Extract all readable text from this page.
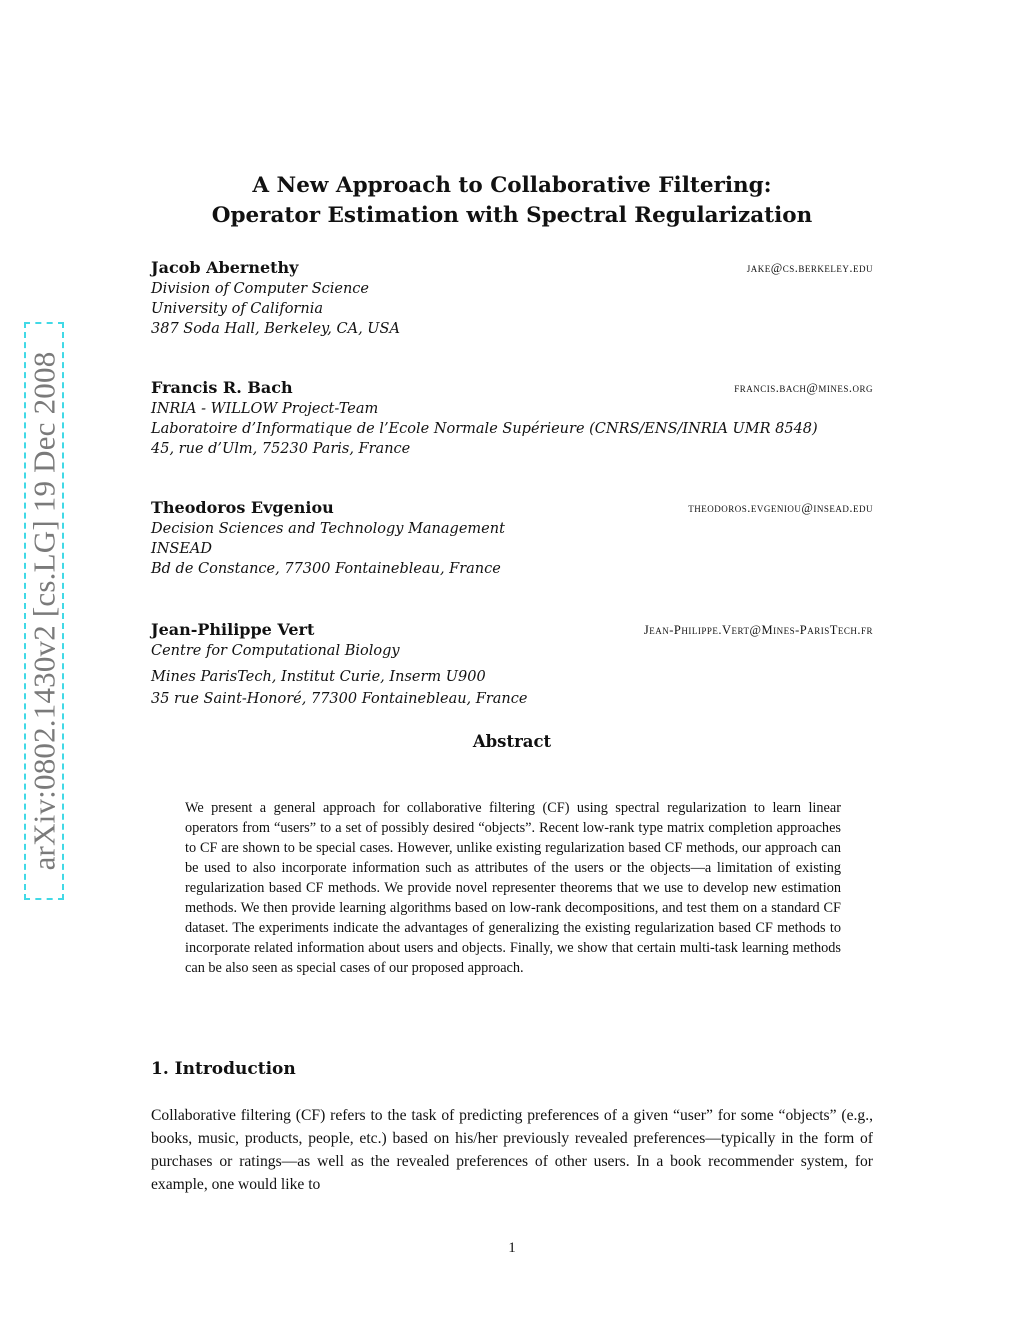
arXiv:0802.1430v2 [cs.LG] 19 Dec 2008
A New Approach to Collaborative Filtering:
Operator Estimation with Spectral Regularization
Jacob Abernethy	jake@cs.berkeley.edu
Division of Computer Science
University of California
387 Soda Hall, Berkeley, CA, USA
Francis R. Bach	francis.bach@mines.org
INRIA - WILLOW Project-Team
Laboratoire d’Informatique de l’Ecole Normale Supérieure (CNRS/ENS/INRIA UMR 8548)
45, rue d’Ulm, 75230 Paris, France
Theodoros Evgeniou	theodoros.evgeniou@insead.edu
Decision Sciences and Technology Management
INSEAD
Bd de Constance, 77300 Fontainebleau, France
Jean-Philippe Vert	Jean-Philippe.Vert@Mines-ParisTech.fr
Centre for Computational Biology
Mines ParisTech, Institut Curie, Inserm U900
35 rue Saint-Honoré, 77300 Fontainebleau, France
Abstract
We present a general approach for collaborative filtering (CF) using spectral regularization to learn linear operators from “users” to a set of possibly desired “objects”. Recent low-rank type matrix completion approaches to CF are shown to be special cases. However, unlike existing regularization based CF methods, our approach can be used to also incorporate information such as attributes of the users or the objects—a limitation of existing regularization based CF methods. We provide novel representer theorems that we use to develop new estimation methods. We then provide learning algorithms based on low-rank decompositions, and test them on a standard CF dataset. The experiments indicate the advantages of generalizing the existing regularization based CF methods to incorporate related information about users and objects. Finally, we show that certain multi-task learning methods can be also seen as special cases of our proposed approach.
1. Introduction
Collaborative filtering (CF) refers to the task of predicting preferences of a given “user” for some “objects” (e.g., books, music, products, people, etc.) based on his/her previously revealed preferences—typically in the form of purchases or ratings—as well as the revealed preferences of other users. In a book recommender system, for example, one would like to
1
